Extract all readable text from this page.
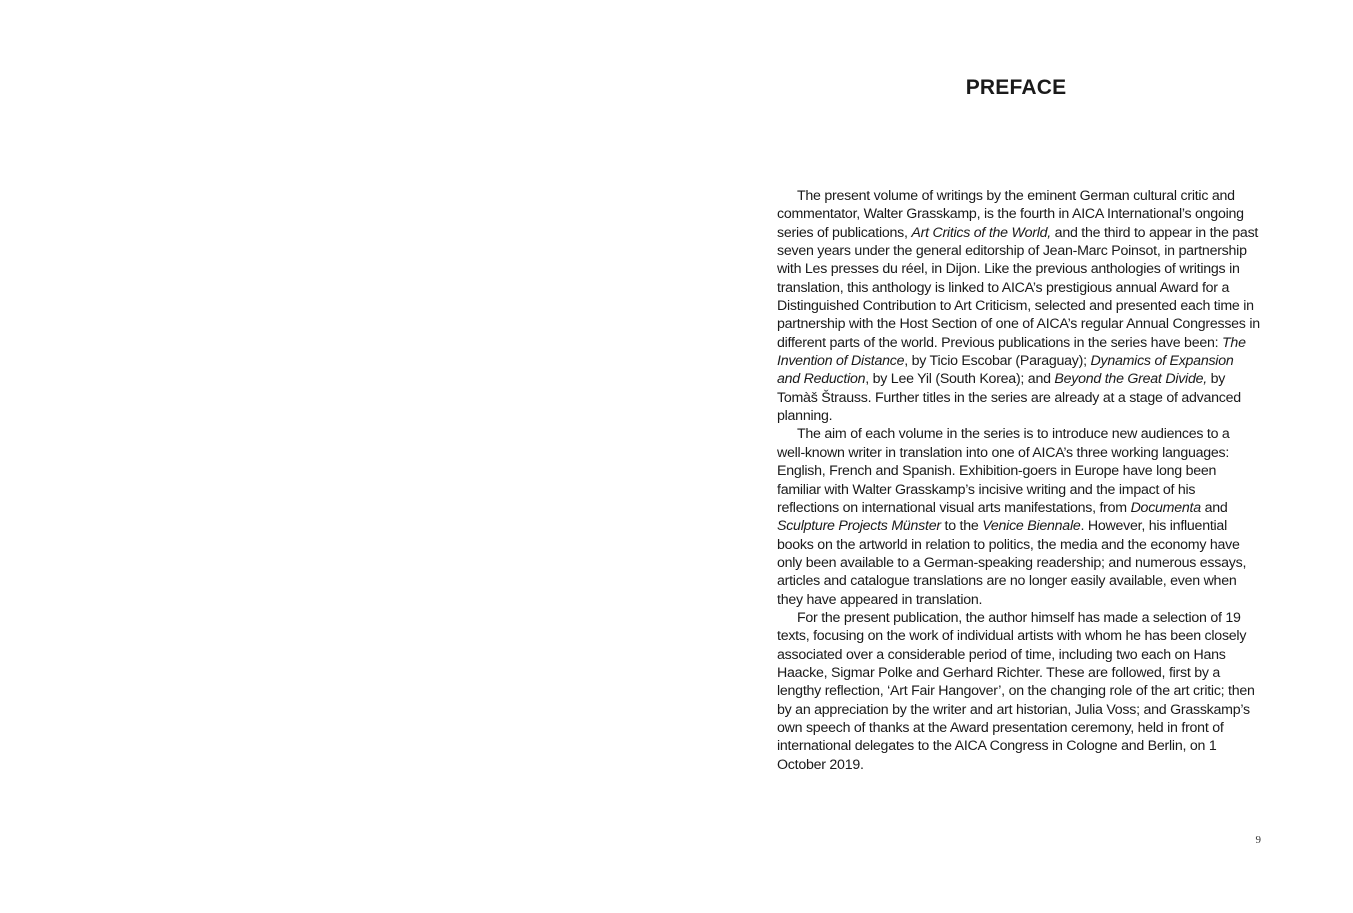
PREFACE

The present volume of writings by the eminent German cultural critic and commentator, Walter Grasskamp, is the fourth in AICA International’s ongoing series of publications, Art Critics of the World, and the third to appear in the past seven years under the general editorship of Jean-Marc Poinsot, in partnership with Les presses du réel, in Dijon. Like the previous anthologies of writings in translation, this anthology is linked to AICA’s prestigious annual Award for a Distinguished Contribution to Art Criticism, selected and presented each time in partnership with the Host Section of one of AICA’s regular Annual Congresses in different parts of the world. Previous publications in the series have been: The Invention of Distance, by Ticio Escobar (Paraguay); Dynamics of Expansion and Reduction, by Lee Yil (South Korea); and Beyond the Great Divide, by Tomàš Štrauss. Further titles in the series are already at a stage of advanced planning.

The aim of each volume in the series is to introduce new audiences to a well-known writer in translation into one of AICA’s three working languages: English, French and Spanish. Exhibition-goers in Europe have long been familiar with Walter Grasskamp’s incisive writing and the impact of his reflections on international visual arts manifestations, from Documenta and Sculpture Projects Münster to the Venice Biennale. However, his influential books on the artworld in relation to politics, the media and the economy have only been available to a German-speaking readership; and numerous essays, articles and catalogue translations are no longer easily available, even when they have appeared in translation.

For the present publication, the author himself has made a selection of 19 texts, focusing on the work of individual artists with whom he has been closely associated over a considerable period of time, including two each on Hans Haacke, Sigmar Polke and Gerhard Richter. These are followed, first by a lengthy reflection, ‘Art Fair Hangover’, on the changing role of the art critic; then by an appreciation by the writer and art historian, Julia Voss; and Grasskamp’s own speech of thanks at the Award presentation ceremony, held in front of international delegates to the AICA Congress in Cologne and Berlin, on 1 October 2019.

9
